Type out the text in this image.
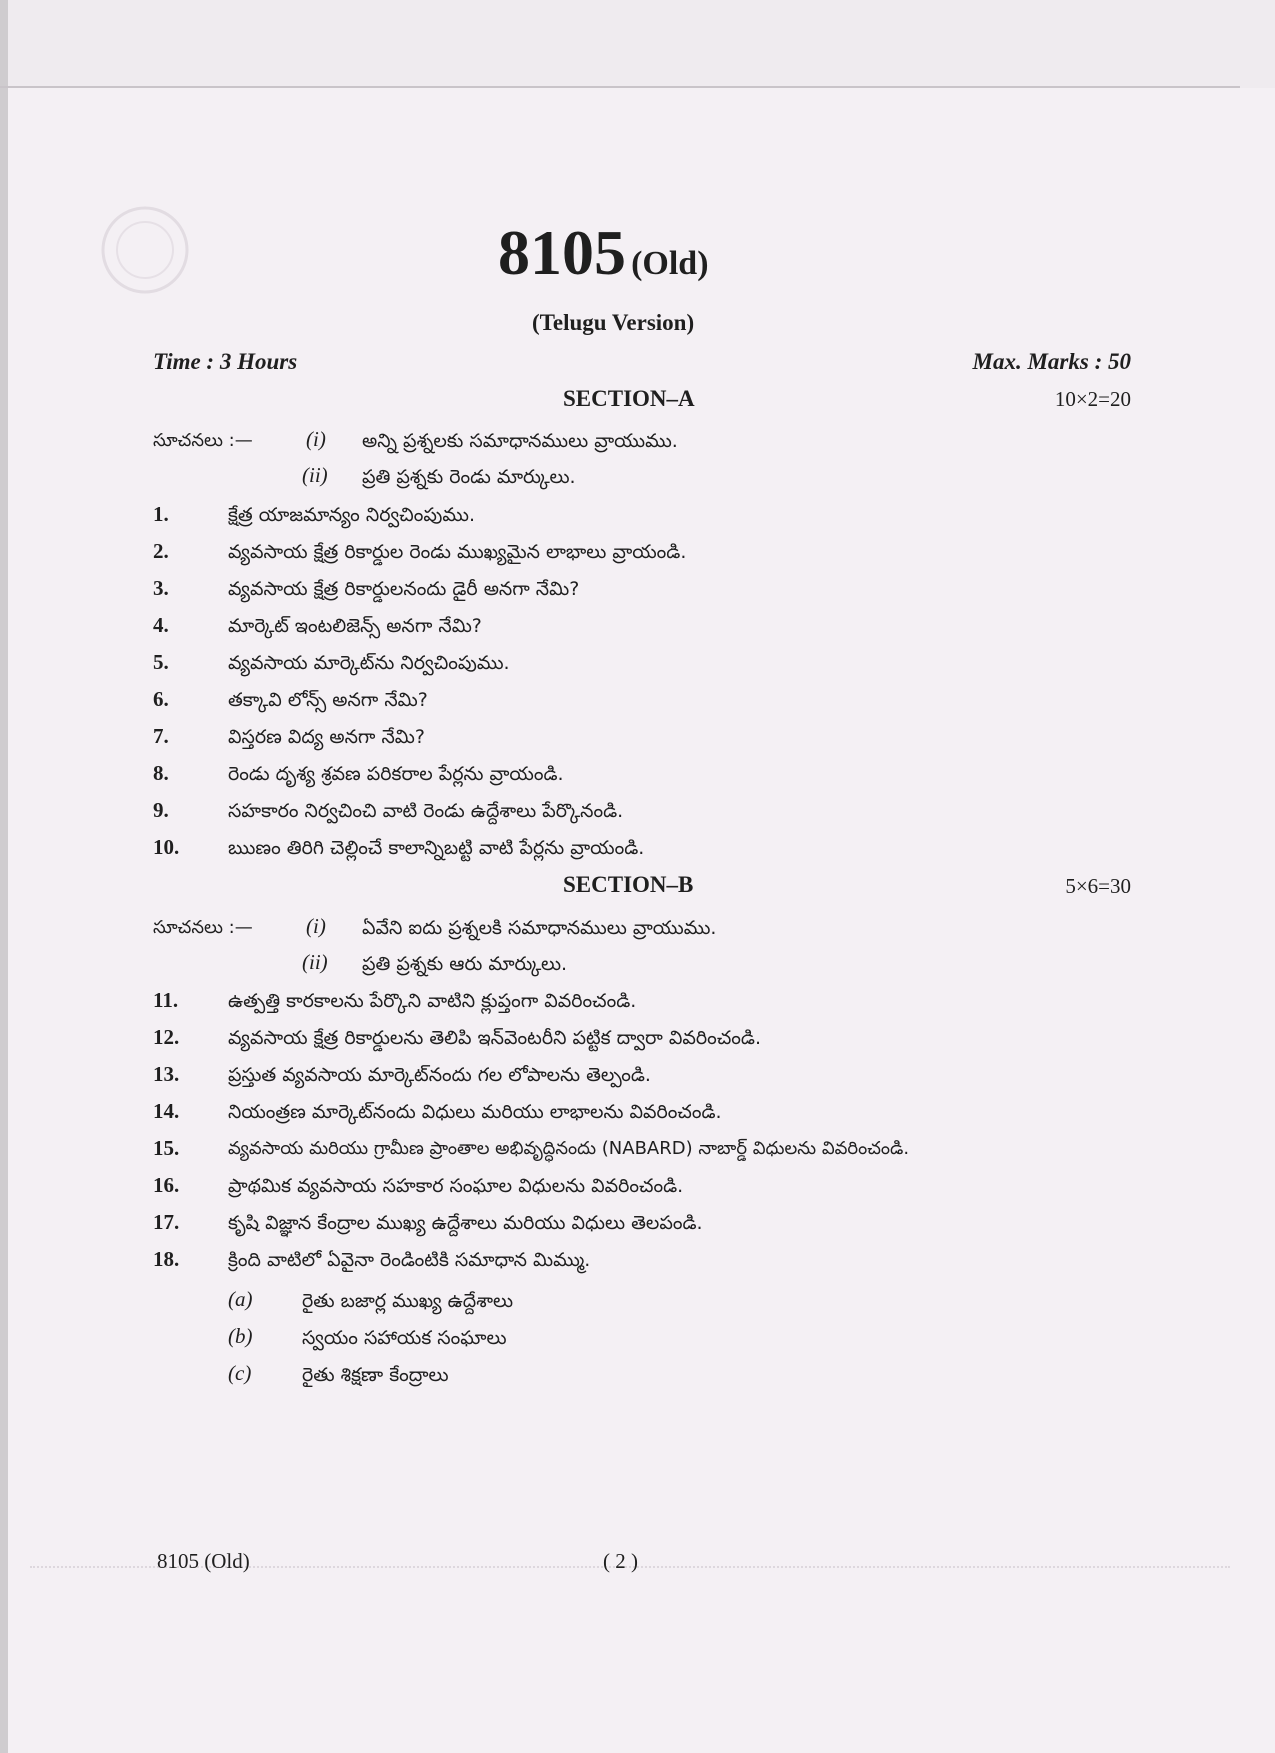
8105 (Old)
(Telugu Version)
Time : 3 Hours	Max. Marks : 50
SECTION–A	10×2=20
సూచనలు :—	(i) అన్ని ప్రశ్నలకు సమాధానములు వ్రాయుము.
(ii) ప్రతి ప్రశ్నకు రెండు మార్కులు.
1.	క్షేత్ర యాజమాన్యం నిర్వచింపుము.
2.	వ్యవసాయ క్షేత్ర రికార్డుల రెండు ముఖ్యమైన లాభాలు వ్రాయండి.
3.	వ్యవసాయ క్షేత్ర రికార్డులనందు డైరీ అనగా నేమి?
4.	మార్కెట్ ఇంటలిజెన్స్ అనగా నేమి?
5.	వ్యవసాయ మార్కెట్‌ను నిర్వచింపుము.
6.	తక్కావి లోన్స్ అనగా నేమి?
7.	విస్తరణ విద్య అనగా నేమి?
8.	రెండు దృశ్య శ్రవణ పరికరాల పేర్లను వ్రాయండి.
9.	సహకారం నిర్వచించి వాటి రెండు ఉద్దేశాలు పేర్కొనండి.
10.	ఋణం తిరిగి చెల్లించే కాలాన్నిబట్టి వాటి పేర్లను వ్రాయండి.
SECTION–B	5×6=30
సూచనలు :—	(i) ఏవేని ఐదు ప్రశ్నలకి సమాధానములు వ్రాయుము.
(ii) ప్రతి ప్రశ్నకు ఆరు మార్కులు.
11.	ఉత్పత్తి కారకాలను పేర్కొని వాటిని క్లుప్తంగా వివరించండి.
12.	వ్యవసాయ క్షేత్ర రికార్డులను తెలిపి ఇన్‌వెంటరీని పట్టిక ద్వారా వివరించండి.
13.	ప్రస్తుత వ్యవసాయ మార్కెట్‌నందు గల లోపాలను తెల్పండి.
14.	నియంత్రణ మార్కెట్‌నందు విధులు మరియు లాభాలను వివరించండి.
15.	వ్యవసాయ మరియు గ్రామీణ ప్రాంతాల అభివృద్ధినందు (NABARD) నాబార్డ్ విధులను వివరించండి.
16.	ప్రాథమిక వ్యవసాయ సహకార సంఘాల విధులను వివరించండి.
17.	కృషి విజ్ఞాన కేంద్రాల ముఖ్య ఉద్దేశాలు మరియు విధులు తెలపండి.
18.	క్రింది వాటిలో ఏవైనా రెండింటికి సమాధాన మిమ్ము.
(a)	రైతు బజార్ల ముఖ్య ఉద్దేశాలు
(b)	స్వయం సహాయక సంఘాలు
(c)	రైతు శిక్షణా కేంద్రాలు
8105 (Old)	( 2 )
